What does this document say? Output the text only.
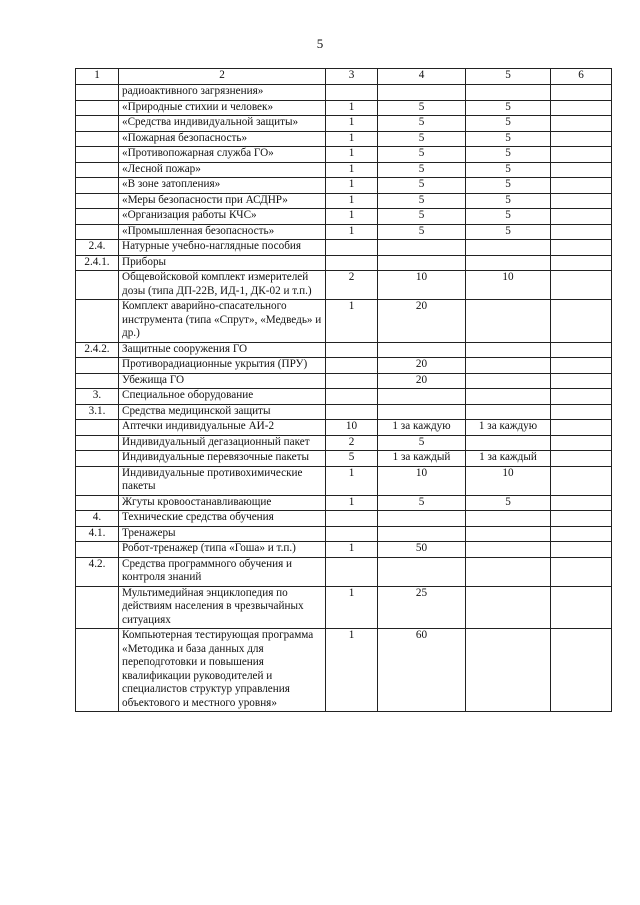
5
1	2	3	4	5	6
	радиоактивного загрязнения»				
	«Природные стихии и человек»	1	5	5	
	«Средства индивидуальной защиты»	1	5	5	
	«Пожарная безопасность»	1	5	5	
	«Противопожарная служба ГО»	1	5	5	
	«Лесной пожар»	1	5	5	
	«В зоне затопления»	1	5	5	
	«Меры безопасности при АСДНР»	1	5	5	
	«Организация работы КЧС»	1	5	5	
	«Промышленная безопасность»	1	5	5	
2.4.	Натурные учебно-наглядные пособия				
2.4.1.	Приборы				
	Общевойсковой комплект измерителей дозы (типа ДП-22В, ИД-1, ДК-02 и т.п.)	2	10	10	
	Комплект аварийно-спасательного инструмента (типа «Спрут», «Медведь» и др.)	1	20		
2.4.2.	Защитные сооружения ГО				
	Противорадиационные укрытия (ПРУ)		20		
	Убежища ГО		20		
3.	Специальное оборудование				
3.1.	Средства медицинской защиты				
	Аптечки индивидуальные АИ-2	10	1 за каждую	1 за каждую	
	Индивидуальный дегазационный пакет	2	5		
	Индивидуальные перевязочные пакеты	5	1 за каждый	1 за каждый	
	Индивидуальные противохимические пакеты	1	10	10	
	Жгуты кровоостанавливающие	1	5	5	
4.	Технические средства обучения				
4.1.	Тренажеры				
	Робот-тренажер (типа «Гоша» и т.п.)	1	50		
4.2.	Средства программного обучения и контроля знаний				
	Мультимедийная энциклопедия по действиям населения в чрезвычайных ситуациях	1	25		
	Компьютерная тестирующая программа «Методика и база данных для переподготовки и повышения квалификации руководителей и специалистов структур управления объектового и местного уровня»	1	60		
